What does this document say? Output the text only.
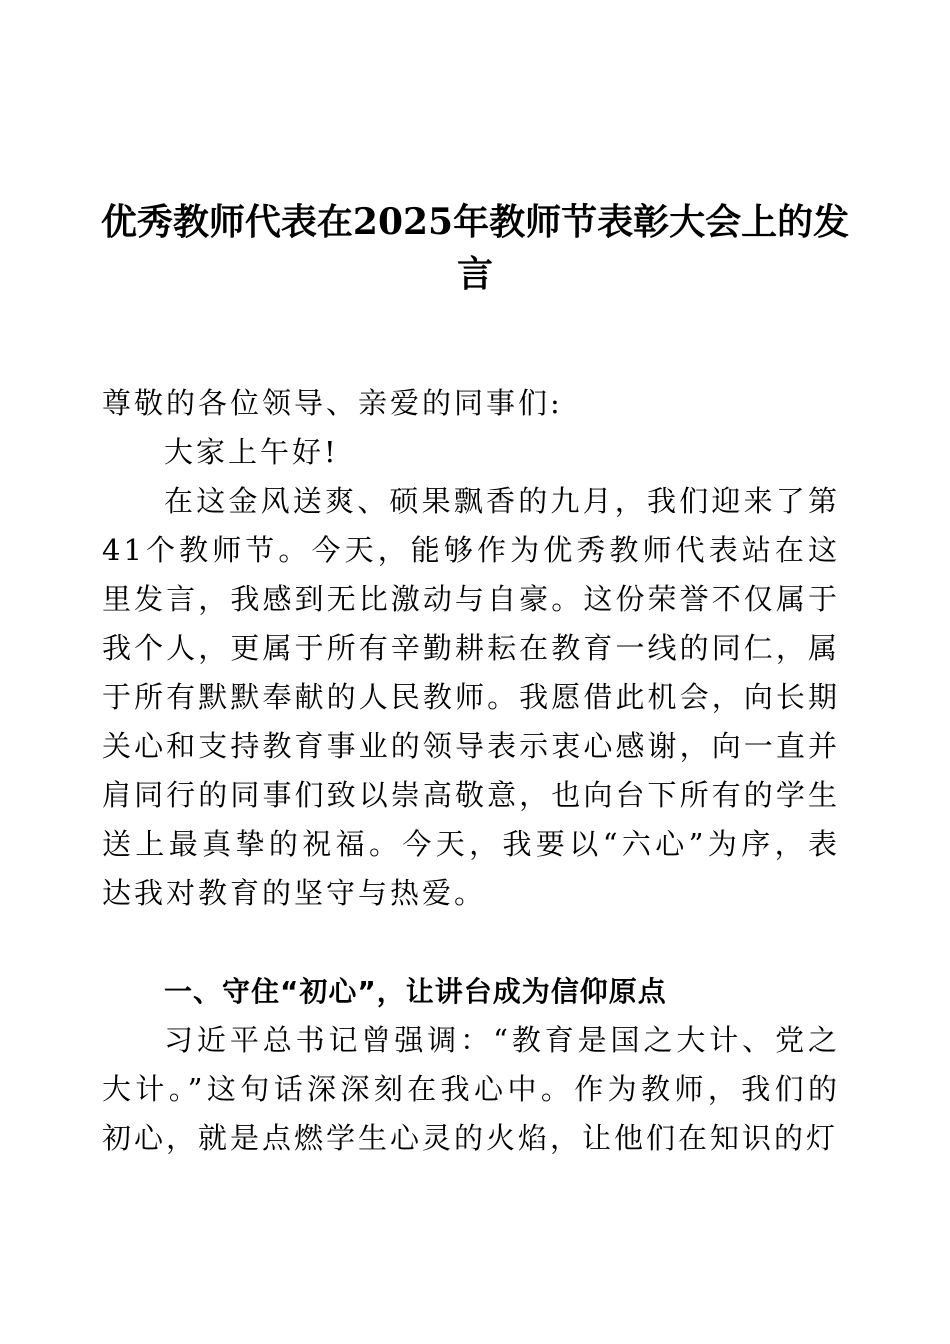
优秀教师代表在2025年教师节表彰大会上的发言

尊敬的各位领导、亲爱的同事们:

大家上午好!

在这金风送爽、硕果飘香的九月，我们迎来了第41个教师节。今天，能够作为优秀教师代表站在这里发言，我感到无比激动与自豪。这份荣誉不仅属于我个人，更属于所有辛勤耕耘在教育一线的同仁，属于所有默默奉献的人民教师。我愿借此机会，向长期关心和支持教育事业的领导表示衷心感谢，向一直并肩同行的同事们致以崇高敬意，也向台下所有的学生送上最真挚的祝福。今天，我要以“六心”为序，表达我对教育的坚守与热爱。

一、守住“初心”，让讲台成为信仰原点

习近平总书记曾强调：“教育是国之大计、党之大计。”这句话深深刻在我心中。作为教师，我们的初心，就是点燃学生心灵的火焰，让他们在知识的灯
